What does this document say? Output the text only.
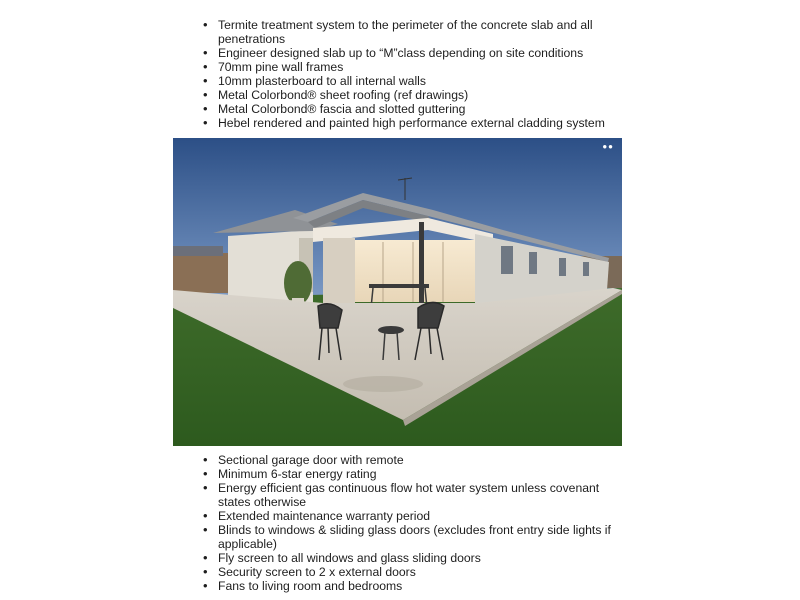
• Termite treatment system to the perimeter of the concrete slab and all penetrations
• Engineer designed slab up to “M”class depending on site conditions
• 70mm pine wall frames
• 10mm plasterboard to all internal walls
• Metal Colorbond® sheet roofing (ref drawings)
• Metal Colorbond® fascia and slotted guttering
• Hebel rendered and painted high performance external cladding system
●●
• Sectional garage door with remote
• Minimum 6-star energy rating
• Energy efficient gas continuous flow hot water system unless covenant states otherwise
• Extended maintenance warranty period
• Blinds to windows & sliding glass doors (excludes front entry side lights if applicable)
• Fly screen to all windows and glass sliding doors
• Security screen to 2 x external doors
• Fans to living room and bedrooms
